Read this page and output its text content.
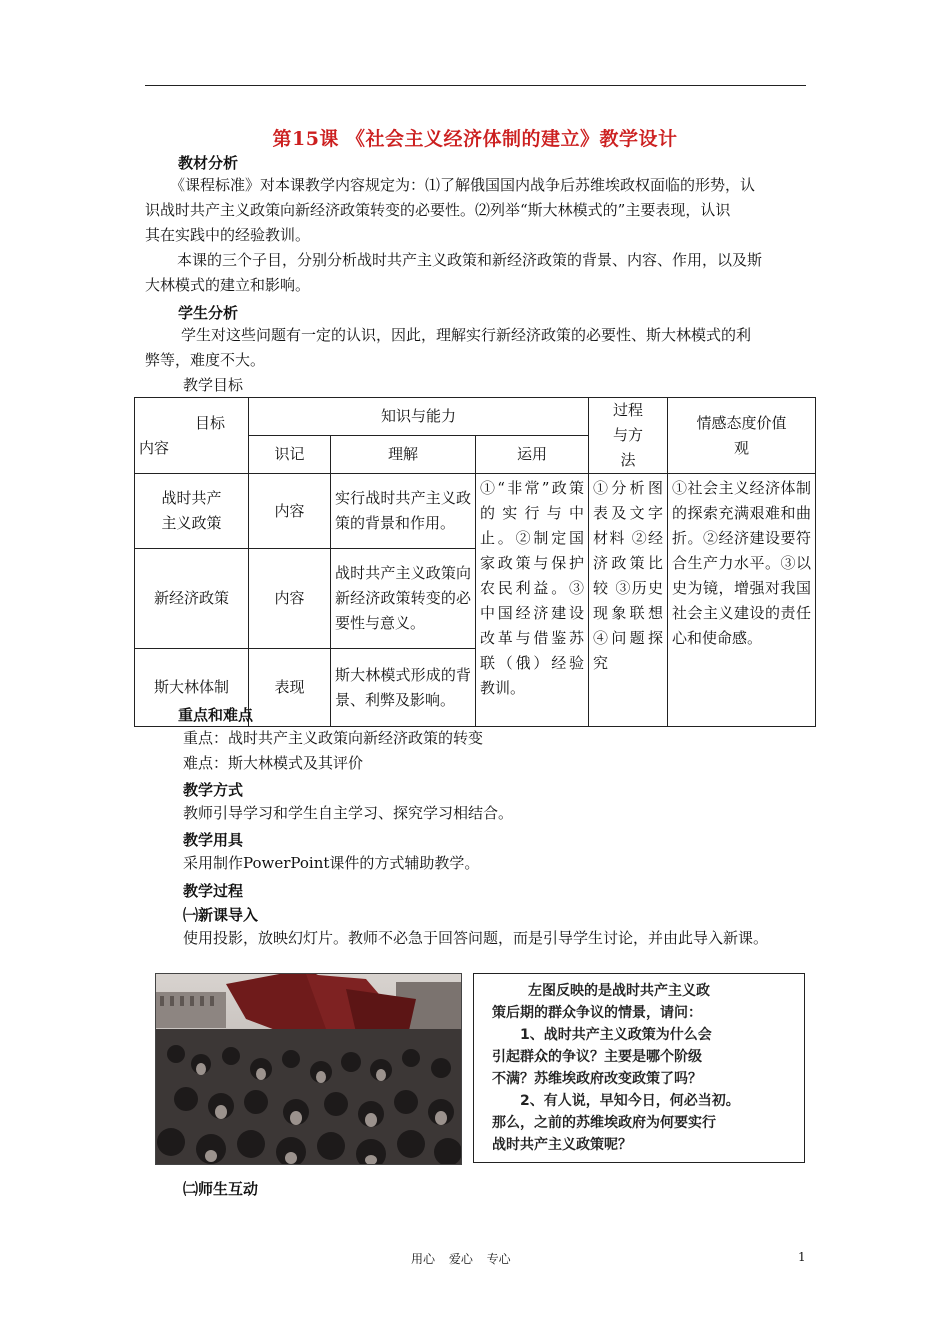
第15课 《社会主义经济体制的建立》教学设计
教材分析
《课程标准》对本课教学内容规定为：⑴了解俄国国内战争后苏维埃政权面临的形势，认
识战时共产主义政策向新经济政策转变的必要性。⑵列举“斯大林模式的”主要表现，认识
其在实践中的经验教训。
本课的三个子目，分别分析战时共产主义政策和新经济政策的背景、内容、作用，以及斯
大林模式的建立和影响。
学生分析
学生对这些问题有一定的认识，因此，理解实行新经济政策的必要性、斯大林模式的利
弊等，难度不大。
教学目标
目标
内容	知识与能力			过程与方法	情感态度价值观

	识记	理解	运用		

战时共产主义政策	内容	实行战时共产主义政策的背景和作用。	①“非常”政策的实行与中止。②制定国家政策与保护农民利益。③中国经济建设改革与借鉴苏联（俄）经验教训。	①分析图表及文字材料 ②经济政策比较 ③历史现象联想 ④问题探究	①社会主义经济体制的探索充满艰难和曲折。②经济建设要符合生产力水平。③以史为镜，增强对我国社会主义建设的责任心和使命感。
新经济政策	内容	战时共产主义政策向新经济政策转变的必要性与意义。			
斯大林体制	表现	斯大林模式形成的背景、利弊及影响。			
重点和难点
重点：战时共产主义政策向新经济政策的转变
难点：斯大林模式及其评价
教学方式
教师引导学习和学生自主学习、探究学习相结合。
教学用具
采用制作PowerPoint课件的方式辅助教学。
教学过程
㈠新课导入
使用投影，放映幻灯片。教师不必急于回答问题，而是引导学生讨论，并由此导入新课。
左图反映的是战时共产主义政
策后期的群众争议的情景，请问：
1、战时共产主义政策为什么会
引起群众的争议？主要是哪个阶级
不满？苏维埃政府改变政策了吗？
2、有人说，早知今日，何必当初。
那么，之前的苏维埃政府为何要实行
战时共产主义政策呢？
㈡师生互动
用心 爱心 专心	1
